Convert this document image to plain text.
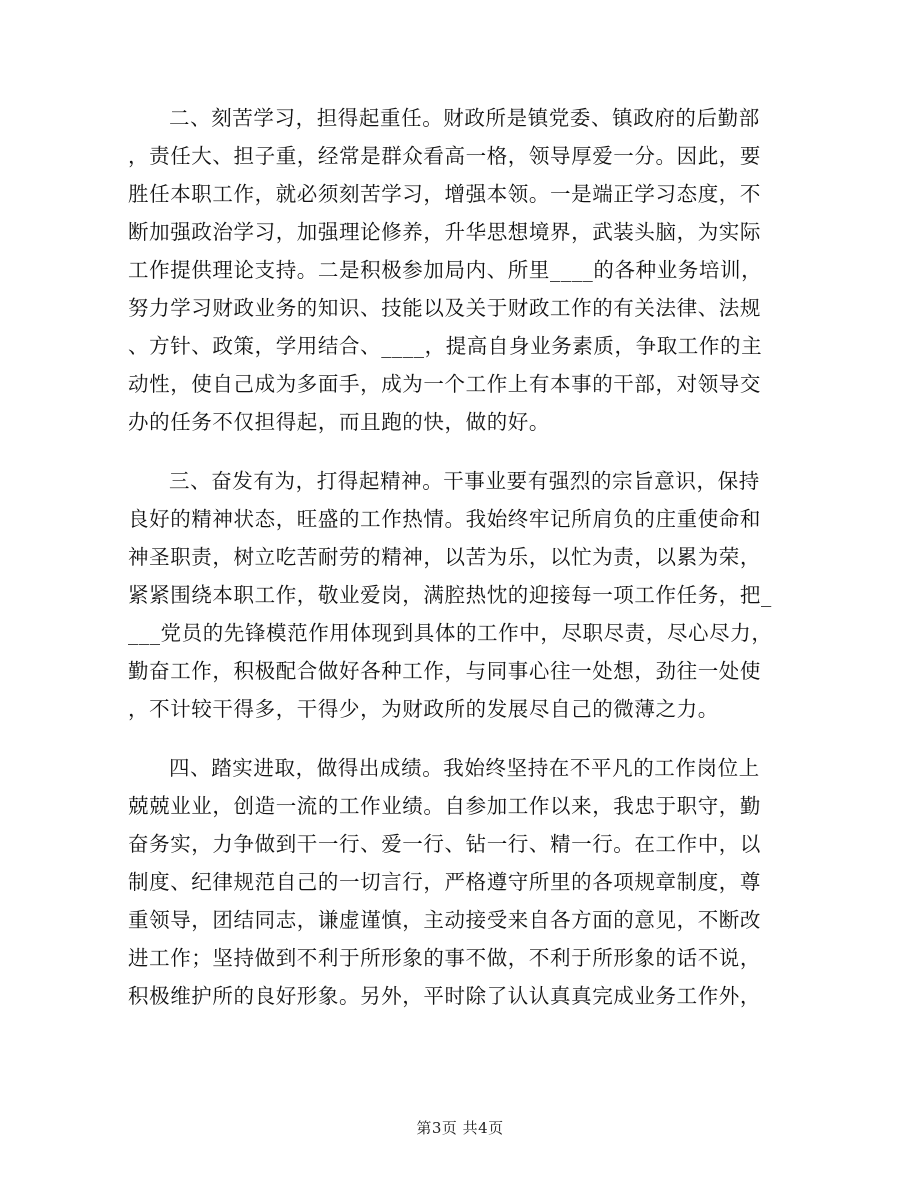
二、刻苦学习，担得起重任。财政所是镇党委、镇政府的后勤部
，责任大、担子重，经常是群众看高一格，领导厚爱一分。因此，要
胜任本职工作，就必须刻苦学习，增强本领。一是端正学习态度，不
断加强政治学习，加强理论修养，升华思想境界，武装头脑，为实际
工作提供理论支持。二是积极参加局内、所里____的各种业务培训，
努力学习财政业务的知识、技能以及关于财政工作的有关法律、法规
、方针、政策，学用结合、____，提高自身业务素质，争取工作的主
动性，使自己成为多面手，成为一个工作上有本事的干部，对领导交
办的任务不仅担得起，而且跑的快，做的好。

三、奋发有为，打得起精神。干事业要有强烈的宗旨意识，保持
良好的精神状态，旺盛的工作热情。我始终牢记所肩负的庄重使命和
神圣职责，树立吃苦耐劳的精神，以苦为乐，以忙为责，以累为荣，
紧紧围绕本职工作，敬业爱岗，满腔热忱的迎接每一项工作任务，把_
___党员的先锋模范作用体现到具体的工作中，尽职尽责，尽心尽力，
勤奋工作，积极配合做好各种工作，与同事心往一处想，劲往一处使
，不计较干得多，干得少，为财政所的发展尽自己的微薄之力。

四、踏实进取，做得出成绩。我始终坚持在不平凡的工作岗位上
兢兢业业，创造一流的工作业绩。自参加工作以来，我忠于职守，勤
奋务实，力争做到干一行、爱一行、钻一行、精一行。在工作中，以
制度、纪律规范自己的一切言行，严格遵守所里的各项规章制度，尊
重领导，团结同志，谦虚谨慎，主动接受来自各方面的意见，不断改
进工作；坚持做到不利于所形象的事不做，不利于所形象的话不说，
积极维护所的良好形象。另外，平时除了认认真真完成业务工作外，

第3页 共4页
